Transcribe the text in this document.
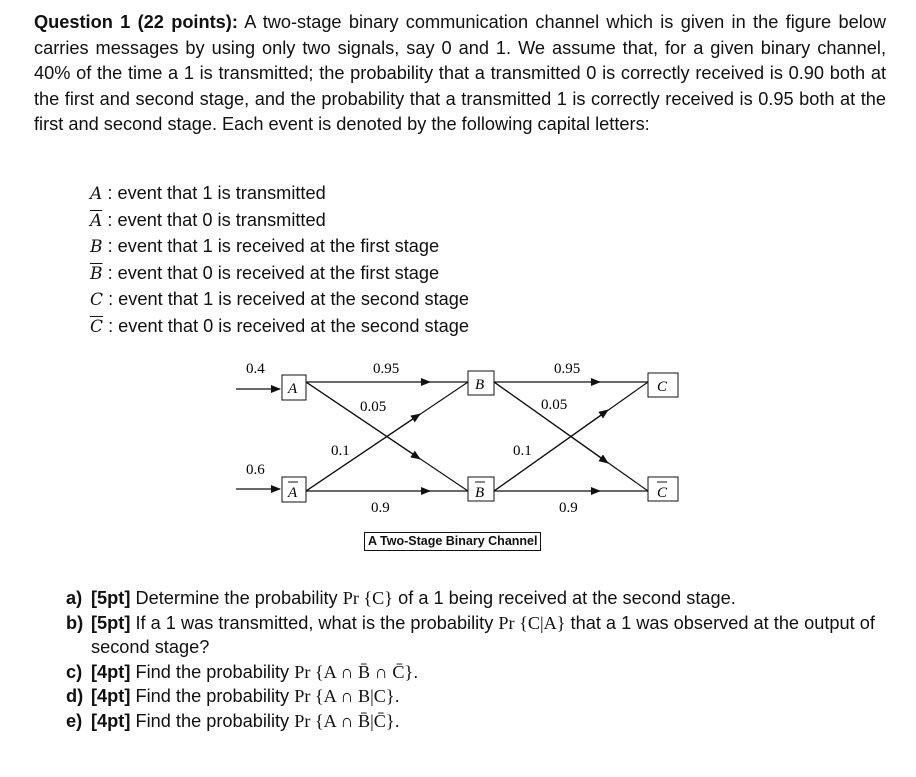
Question 1 (22 points): A two-stage binary communication channel which is given in the figure below carries messages by using only two signals, say 0 and 1. We assume that, for a given binary channel, 40% of the time a 1 is transmitted; the probability that a transmitted 0 is correctly received is 0.90 both at the first and second stage, and the probability that a transmitted 1 is correctly received is 0.95 both at the first and second stage. Each event is denoted by the following capital letters:
A : event that 1 is transmitted
$\overline{A}$ : event that 0 is transmitted
B : event that 1 is received at the first stage
$\overline{B}$ : event that 0 is received at the first stage
C : event that 1 is received at the second stage
$\overline{C}$ : event that 0 is received at the second stage
A
A
B
B
C
C
0.4
0.6
0.95
0.05
0.1
0.9
0.95
0.05
0.1
0.9
A Two-Stage Binary Channel
a) [5pt] Determine the probability Pr {C} of a 1 being received at the second stage.
b) [5pt] If a 1 was transmitted, what is the probability Pr {C|A} that a 1 was observed at the output of second stage?
c) [4pt] Find the probability Pr {A ∩ B̄ ∩ C̄}.
d) [4pt] Find the probability Pr {A ∩ B|C}.
e) [4pt] Find the probability Pr {A ∩ B̄|C̄}.
